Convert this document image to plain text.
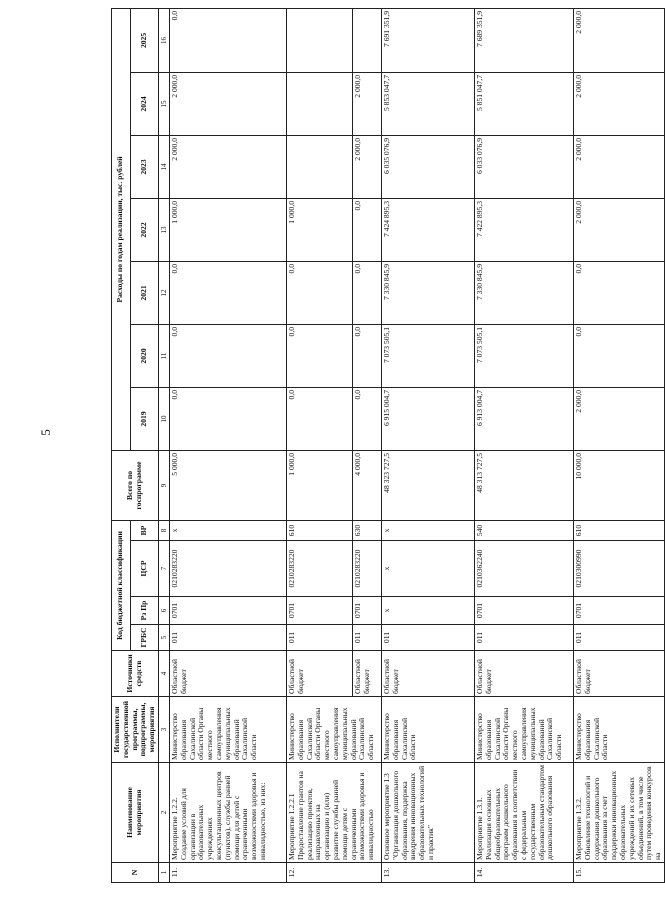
5
N	Наименование мероприятия	Исполнители государственной программы, подпрограммы, мероприятия	Источники средств	Код бюджетной классификации				Всего по госпрограмме	Расходы по годам реализации, тыс. рублей						
				ГРБС	Рз Пр	ЦСР	ВР		2019	2020	2021	2022	2023	2024	2025
1	2	3	4	5	6	7	8	9	10	11	12	13	14	15	16
11.	Мероприятие 1.2.2. Создание условий для организации в образовательных учреждениях консультационных центров (пунктов), службы ранней помощи для детей с ограниченными возможностями здоровья и инвалидностью, из них:	Министерство образования Сахалинской области Органы местного самоуправления муниципальных образований Сахалинской области	Областной бюджет	011	0701	0210283220	х	5 000,0	0,0	0,0	0,0	1 000,0	2 000,0	2 000,0	0,0
12.	Мероприятие 1.2.2.1 Предоставление грантов на реализацию проектов, направленных на организацию и (или) развитие службы ранней помощи детям с ограниченными возможностями здоровья и инвалидностью	Министерство образования Сахалинской области Органы местного самоуправления муниципальных образований Сахалинской области	Областной бюджет	011	0701	0210283220	610	1 000,0	0,0	0,0	0,0	1 000,0			
			Областной бюджет	011	0701	0210283220	630	4 000,0	0,0	0,0	0,0	0,0	2 000,0	2 000,0	
13.	Основное мероприятие 1.3 "Организация дошкольного образования, поддержка внедрения инновационных образовательных технологий и практик"	Министерство образования Сахалинской области	Областной бюджет	011	х	х	х	48 323 727,5	6 915 004,7	7 073 505,1	7 330 845,9	7 424 895,3	6 035 076,9	5 853 047,7	7 691 351,9
14.	Мероприятие 1.3.1. Реализация основных общеобразовательных программ дошкольного образования в соответствии с федеральным государственным образовательным стандартом дошкольного образования	Министерство образования Сахалинской области Органы местного самоуправления муниципальных образований Сахалинской области	Областной бюджет	011	0701	0210362240	540	48 313 727,5	6 913 004,7	7 073 505,1	7 330 845,9	7 422 895,3	6 033 076,9	5 851 047,7	7 689 351,9
15.	Мероприятие 1.3.2. Обновление технологий и содержания дошкольного образования за счет поддержки инновационных образовательных учреждений и их сетевых объединений, в том числе путем проведения конкурсов на	Министерство образования Сахалинской области	Областной бюджет	011	0701	0210300990	610	10 000,0	2 000,0	0,0	0,0	2 000,0	2 000,0	2 000,0	2 000,0
